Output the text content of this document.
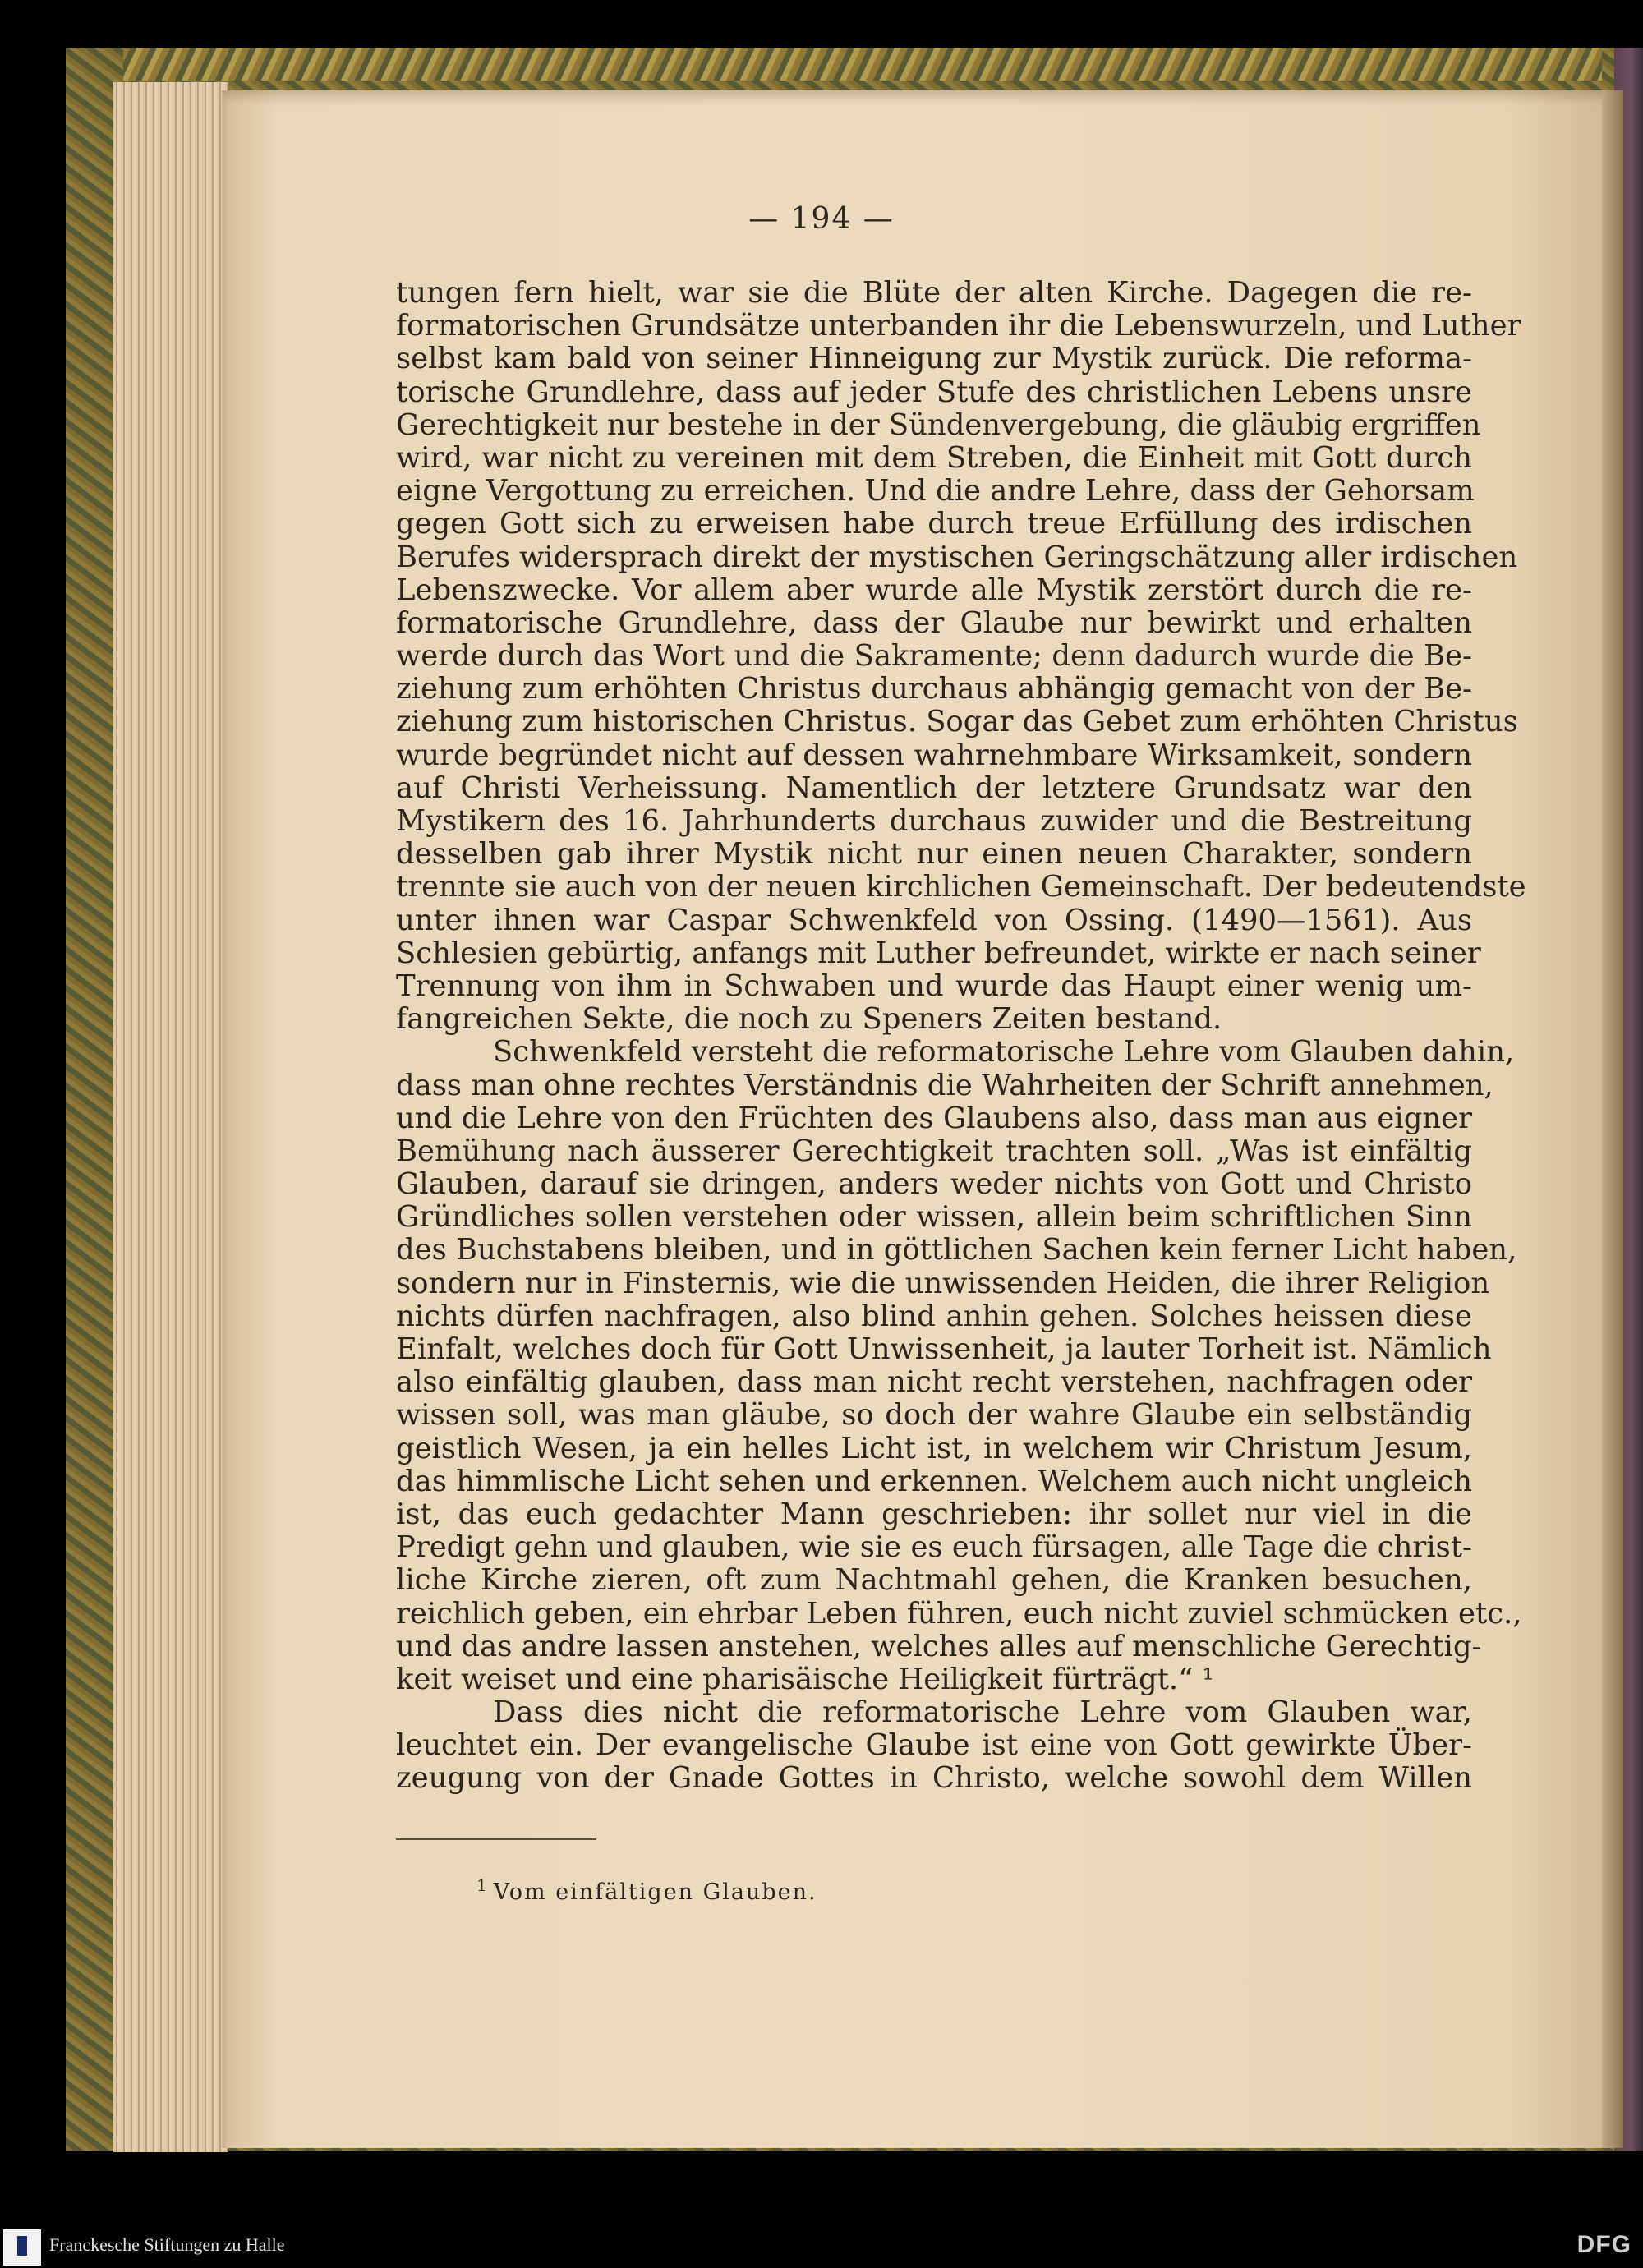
— 194 —
tungen fern hielt, war sie die Blüte der alten Kirche. Dagegen die re-
formatorischen Grundsätze unterbanden ihr die Lebenswurzeln, und Luther
selbst kam bald von seiner Hinneigung zur Mystik zurück. Die reforma-
torische Grundlehre, dass auf jeder Stufe des christlichen Lebens unsre
Gerechtigkeit nur bestehe in der Sündenvergebung, die gläubig ergriffen
wird, war nicht zu vereinen mit dem Streben, die Einheit mit Gott durch
eigne Vergottung zu erreichen. Und die andre Lehre, dass der Gehorsam
gegen Gott sich zu erweisen habe durch treue Erfüllung des irdischen
Berufes widersprach direkt der mystischen Geringschätzung aller irdischen
Lebenszwecke. Vor allem aber wurde alle Mystik zerstört durch die re-
formatorische Grundlehre, dass der Glaube nur bewirkt und erhalten
werde durch das Wort und die Sakramente; denn dadurch wurde die Be-
ziehung zum erhöhten Christus durchaus abhängig gemacht von der Be-
ziehung zum historischen Christus. Sogar das Gebet zum erhöhten Christus
wurde begründet nicht auf dessen wahrnehmbare Wirksamkeit, sondern
auf Christi Verheissung. Namentlich der letztere Grundsatz war den
Mystikern des 16. Jahrhunderts durchaus zuwider und die Bestreitung
desselben gab ihrer Mystik nicht nur einen neuen Charakter, sondern
trennte sie auch von der neuen kirchlichen Gemeinschaft. Der bedeutendste
unter ihnen war Caspar Schwenkfeld von Ossing. (1490—1561). Aus
Schlesien gebürtig, anfangs mit Luther befreundet, wirkte er nach seiner
Trennung von ihm in Schwaben und wurde das Haupt einer wenig um-
fangreichen Sekte, die noch zu Speners Zeiten bestand.
Schwenkfeld versteht die reformatorische Lehre vom Glauben dahin,
dass man ohne rechtes Verständnis die Wahrheiten der Schrift annehmen,
und die Lehre von den Früchten des Glaubens also, dass man aus eigner
Bemühung nach äusserer Gerechtigkeit trachten soll. „Was ist einfältig
Glauben, darauf sie dringen, anders weder nichts von Gott und Christo
Gründliches sollen verstehen oder wissen, allein beim schriftlichen Sinn
des Buchstabens bleiben, und in göttlichen Sachen kein ferner Licht haben,
sondern nur in Finsternis, wie die unwissenden Heiden, die ihrer Religion
nichts dürfen nachfragen, also blind anhin gehen. Solches heissen diese
Einfalt, welches doch für Gott Unwissenheit, ja lauter Torheit ist. Nämlich
also einfältig glauben, dass man nicht recht verstehen, nachfragen oder
wissen soll, was man gläube, so doch der wahre Glaube ein selbständig
geistlich Wesen, ja ein helles Licht ist, in welchem wir Christum Jesum,
das himmlische Licht sehen und erkennen. Welchem auch nicht ungleich
ist, das euch gedachter Mann geschrieben: ihr sollet nur viel in die
Predigt gehn und glauben, wie sie es euch fürsagen, alle Tage die christ-
liche Kirche zieren, oft zum Nachtmahl gehen, die Kranken besuchen,
reichlich geben, ein ehrbar Leben führen, euch nicht zuviel schmücken etc.,
und das andre lassen anstehen, welches alles auf menschliche Gerechtig-
keit weiset und eine pharisäische Heiligkeit fürträgt.“ ¹
Dass dies nicht die reformatorische Lehre vom Glauben war,
leuchtet ein. Der evangelische Glaube ist eine von Gott gewirkte Über-
zeugung von der Gnade Gottes in Christo, welche sowohl dem Willen
$^1$ Vom einfältigen Glauben.
Franckesche Stiftungen zu Halle	DFG
